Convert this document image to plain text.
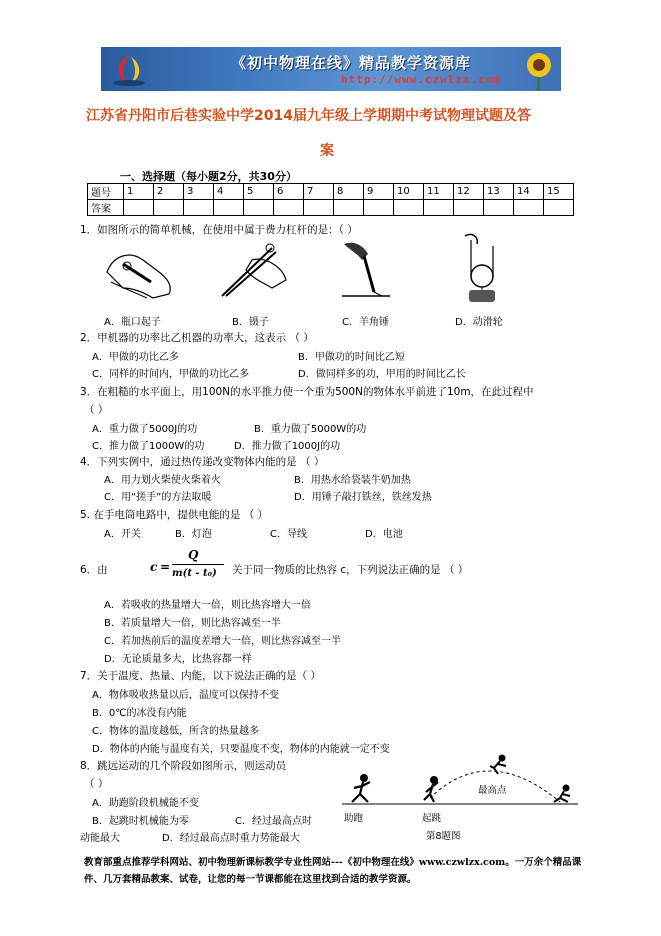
《初中物理在线》精品教学资源库
http://www.czwlzx.com
江苏省丹阳市后巷实验中学2014届九年级上学期期中考试物理试题及答
案
一、选择题（每小题2分，共30分）
题号	1	2	3	4	5	6	7	8	9	10	11	12	13	14	15
答案															
1．如图所示的简单机械，在使用中属于费力杠杆的是：（ ）
A．瓶口起子	B．镊子	C．羊角锤	D．动滑轮
2．甲机器的功率比乙机器的功率大，这表示 （ ）
A．甲做的功比乙多	B．甲做功的时间比乙短
C．同样的时间内，甲做的功比乙多	D．做同样多的功，甲用的时间比乙长
3．在粗糙的水平面上，用100N的水平推力使一个重为500N的物体水平前进了10m，在此过程中
（ ）
A．重力做了5000J的功	B．重力做了5000W的功
C．推力做了1000W的功	D．推力做了1000J的功
4．下列实例中，通过热传递改变物体内能的是 （ ）
A．用力划火柴使火柴着火	B．用热水给袋装牛奶加热
C．用“搓手”的方法取暖	D．用锤子敲打铁丝，铁丝发热
5. 在手电筒电路中，提供电能的是 （ ）
A．开关	B．灯泡	C．导线	D．电池
6．由	c =
Q
m(t - t₀) 关于同一物质的比热容 c，下列说法正确的是 （ ）
A．若吸收的热量增大一倍，则比热容增大一倍
B．若质量增大一倍，则比热容减至一半
C．若加热前后的温度差增大一倍，则比热容减至一半
D．无论质量多大，比热容都一样
7．关于温度、热量、内能，以下说法正确的是（ ）
A．物体吸收热量以后，温度可以保持不变
B．0℃的冰没有内能
C．物体的温度越低，所含的热量越多
D．物体的内能与温度有关，只要温度不变，物体的内能就一定不变
8．跳远运动的几个阶段如图所示，则运动员
（ ）
A．助跑阶段机械能不变
B．起跳时机械能为零	C．经过最高点时
动能最大	D．经过最高点时重力势能最大
助跑	起跳
最高点
第8题图
教育部重点推荐学科网站、初中物理新课标教学专业性网站---《初中物理在线》www.czwlzx.com。一万余个精品课件、几万套精品教案、试卷，让您的每一节课都能在这里找到合适的教学资源。
